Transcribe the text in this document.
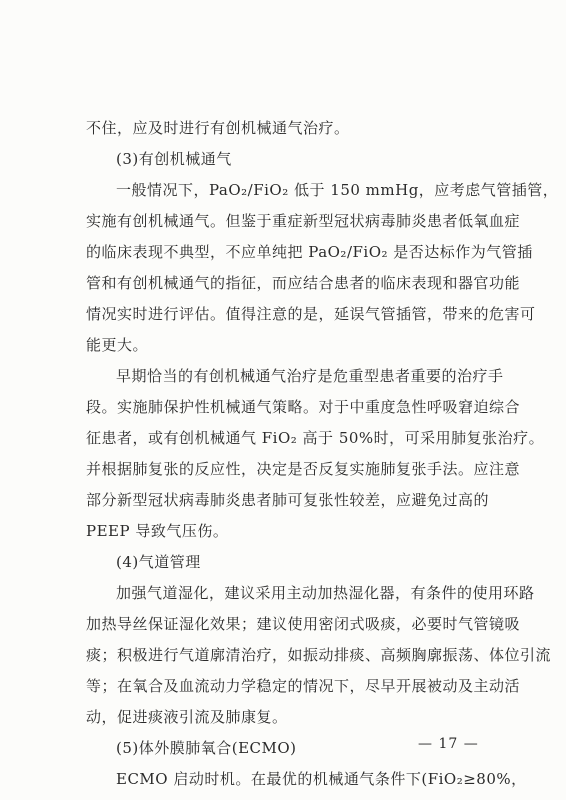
不住，应及时进行有创机械通气治疗。
(3)有创机械通气
一般情况下，PaO₂/FiO₂ 低于 150 mmHg，应考虑气管插管，
实施有创机械通气。但鉴于重症新型冠状病毒肺炎患者低氧血症
的临床表现不典型，不应单纯把 PaO₂/FiO₂ 是否达标作为气管插
管和有创机械通气的指征，而应结合患者的临床表现和器官功能
情况实时进行评估。值得注意的是，延误气管插管，带来的危害可
能更大。
早期恰当的有创机械通气治疗是危重型患者重要的治疗手
段。实施肺保护性机械通气策略。对于中重度急性呼吸窘迫综合
征患者，或有创机械通气 FiO₂ 高于 50%时，可采用肺复张治疗。
并根据肺复张的反应性，决定是否反复实施肺复张手法。应注意
部分新型冠状病毒肺炎患者肺可复张性较差，应避免过高的
PEEP 导致气压伤。
(4)气道管理
加强气道湿化，建议采用主动加热湿化器，有条件的使用环路
加热导丝保证湿化效果；建议使用密闭式吸痰，必要时气管镜吸
痰；积极进行气道廓清治疗，如振动排痰、高频胸廓振荡、体位引流
等；在氧合及血流动力学稳定的情况下，尽早开展被动及主动活
动，促进痰液引流及肺康复。
(5)体外膜肺氧合(ECMO)
ECMO 启动时机。在最优的机械通气条件下(FiO₂≥80%，
— 17 —
